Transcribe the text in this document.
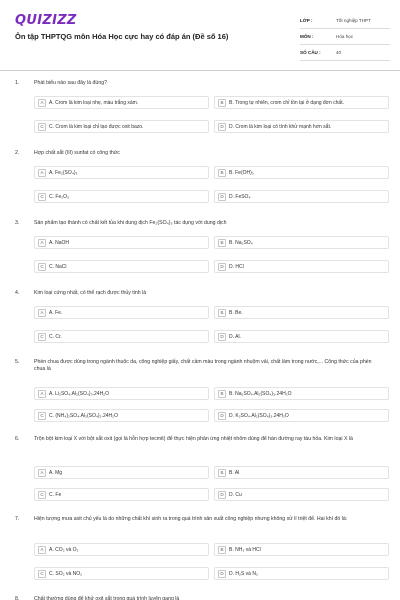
QUIZIZZ
Ôn tập THPTQG môn Hóa Học cực hay có đáp án (Đề số 16)
LỚP :	Tốt nghiệp THPT
MÔN :	Hóa học
SỐ CÂU :	40
1.	Phát biểu nào sau đây là đúng?
A	A. Crom là kim loại nhẹ, màu trắng xám.	B	B. Trong tự nhiên, crom chỉ tồn tại ở dạng đơn chất.
C	C. Crom là kim loại chỉ tạo được oxit bazo.	D	D. Crom là kim loại có tính khử mạnh hơn sắt.
2.	Hợp chất sắt (III) sunfat có công thức
A	A. Fe₂(SO₄)₃	B	B. Fe(OH)₃
C	C. Fe₂O₃	D	D. FeSO₄
3.	Sản phẩm tạo thành có chất kết tủa khi dung dịch Fe₂(SO₄)₃ tác dụng với dung dịch
A	A. NaOH	B	B. Na₂SO₄
C	C. NaCl	D	D. HCl
4.	Kim loại cứng nhất, có thể rạch được thủy tinh là
A	A. Fe.	B	B. Be.
C	C. Cr.	D	D. Al.
5.	Phèn chua được dùng trong ngành thuộc da, công nghiệp giấy, chất cầm màu trong ngành nhuộm vải, chất làm trong nước,... Công thức của phèn chua là
A	A. Li₂SO₄.Al₂(SO₄)₃.24H₂O	B	B. Na₂SO₄.Al₂(SO₄)₃.24H₂O
C	C. (NH₄)₂SO₄.Al₂(SO₄)₃.24H₂O	D	D. K₂SO₄.Al₂(SO₄)₃.24H₂O
6.	Trộn bột kim loại X với bột sắt oxit (gọi là hỗn hợp tecmit) để thực hiện phản ứng nhiệt nhôm dùng để hàn đường ray tàu hỏa. Kim loại X là
A	A. Mg	B	B. Al
C	C. Fe	D	D. Cu
7.	Hiện tượng mưa axit chủ yếu là do những chất khí sinh ra trong quá trình sản xuất công nghiệp nhưng không xử lí triệt để. Hai khí đó là:
A	A. CO₂ và O₂	B	B. NH₃ và HCl
C	C. SO₂ và NO₂	D	D. H₂S và N₂
8.	Chất thường dùng để khử oxit sắt trong quá trình luyện gang là
